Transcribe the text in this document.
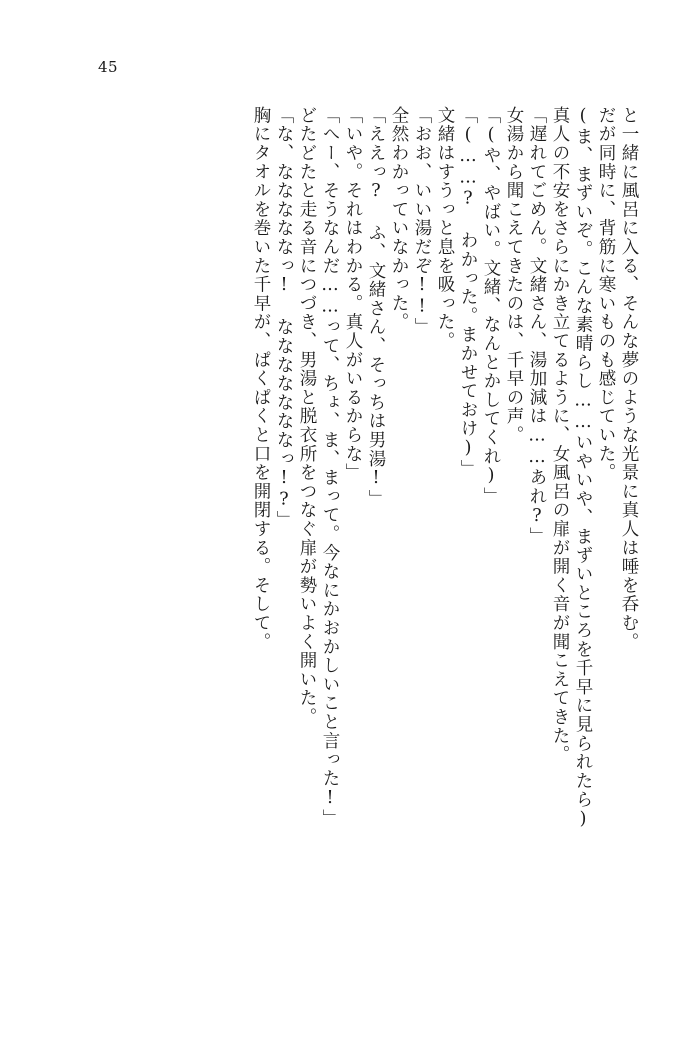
45
と一緒に風呂に入る、そんな夢のような光景に真人は唾を呑む。
だが同時に、背筋に寒いものも感じていた。
(ま、まずいぞ。こんな素晴らし……いやいや、まずいところを千早に見られたら)
真人の不安をさらにかき立てるように、女風呂の扉が開く音が聞こえてきた。
「遅れてごめん。文緒さん、湯加減は……あれ?」
女湯から聞こえてきたのは、千早の声。
「(や、やばい。文緒、なんとかしてくれ)」
「(……? わかった。まかせておけ)」
文緒はすうっと息を吸った。
「おお、いい湯だぞ!!」
全然わかっていなかった。
「ええっ? ふ、文緒さん、そっちは男湯!」
「いや。それはわかる。真人がいるからな」
「へー、そうなんだ……って、ちょ、ま、まって。今なにかおかしいこと言った!」
どたどたと走る音につづき、男湯と脱衣所をつなぐ扉が勢いよく開いた。
「な、なななななっ! なななななななっ!?」
胸にタオルを巻いた千早が、ぱくぱくと口を開閉する。そして。
